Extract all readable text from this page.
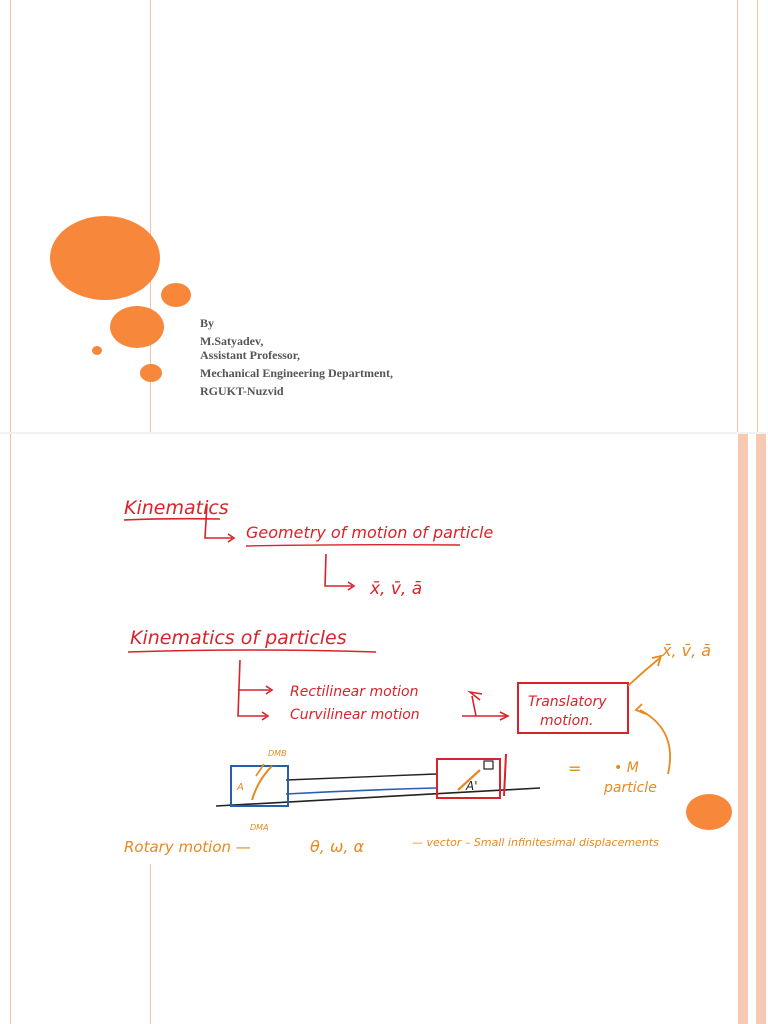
By
M.Satyadev,
Assistant Professor,
Mechanical Engineering Department,
RGUKT-Nuzvid
Kinematics
Geometry of motion of particle
x̄, v̄, ā
Kinematics of particles
Rectilinear motion
Curvilinear motion
Translatory
motion.
x̄, v̄, ā
A	A'
DMB
DMA
= • M
particle
Rotary motion —	θ, ω, α	— vector – Small infinitesimal displacements
